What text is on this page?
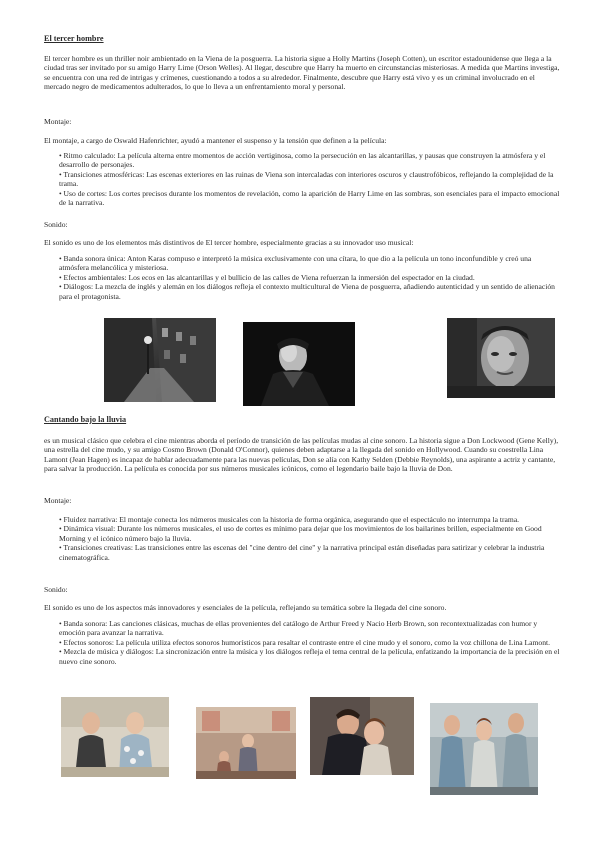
El tercer hombre

El tercer hombre es un thriller noir ambientado en la Viena de la posguerra. La historia sigue a Holly Martins (Joseph Cotten), un escritor estadounidense que llega a la ciudad tras ser invitado por su amigo Harry Lime (Orson Welles). Al llegar, descubre que Harry ha muerto en circunstancias misteriosas. A medida que Martins investiga, se encuentra con una red de intrigas y crímenes, cuestionando a todos a su alrededor. Finalmente, descubre que Harry está vivo y es un criminal involucrado en el mercado negro de medicamentos adulterados, lo que lo lleva a un enfrentamiento moral y personal.

Montaje:

El montaje, a cargo de Oswald Hafenrichter, ayudó a mantener el suspenso y la tensión que definen a la película:

• Ritmo calculado: La película alterna entre momentos de acción vertiginosa, como la persecución en las alcantarillas, y pausas que construyen la atmósfera y el desarrollo de personajes.

• Transiciones atmosféricas: Las escenas exteriores en las ruinas de Viena son intercaladas con interiores oscuros y claustrofóbicos, reflejando la complejidad de la trama.

• Uso de cortes: Los cortes precisos durante los momentos de revelación, como la aparición de Harry Lime en las sombras, son esenciales para el impacto emocional de la narrativa.

Sonido:

El sonido es uno de los elementos más distintivos de El tercer hombre, especialmente gracias a su innovador uso musical:

• Banda sonora única: Anton Karas compuso e interpretó la música exclusivamente con una cítara, lo que dio a la película un tono inconfundible y creó una atmósfera melancólica y misteriosa.

• Efectos ambientales: Los ecos en las alcantarillas y el bullicio de las calles de Viena refuerzan la inmersión del espectador en la ciudad.

• Diálogos: La mezcla de inglés y alemán en los diálogos refleja el contexto multicultural de Viena de posguerra, añadiendo autenticidad y un sentido de alienación para el protagonista.

Cantando bajo la lluvia

es un musical clásico que celebra el cine mientras aborda el período de transición de las películas mudas al cine sonoro. La historia sigue a Don Lockwood (Gene Kelly), una estrella del cine mudo, y su amigo Cosmo Brown (Donald O'Connor), quienes deben adaptarse a la llegada del sonido en Hollywood. Cuando su coestrella Lina Lamont (Jean Hagen) es incapaz de hablar adecuadamente para las nuevas películas, Don se alía con Kathy Selden (Debbie Reynolds), una aspirante a actriz y cantante, para salvar la producción. La película es conocida por sus números musicales icónicos, como el legendario baile bajo la lluvia de Don.

Montaje:

• Fluidez narrativa: El montaje conecta los números musicales con la historia de forma orgánica, asegurando que el espectáculo no interrumpa la trama.

• Dinámica visual: Durante los números musicales, el uso de cortes es mínimo para dejar que los movimientos de los bailarines brillen, especialmente en Good Morning y el icónico número bajo la lluvia.

• Transiciones creativas: Las transiciones entre las escenas del "cine dentro del cine" y la narrativa principal están diseñadas para satirizar y celebrar la industria cinematográfica.

Sonido:

El sonido es uno de los aspectos más innovadores y esenciales de la película, reflejando su temática sobre la llegada del cine sonoro.

• Banda sonora: Las canciones clásicas, muchas de ellas provenientes del catálogo de Arthur Freed y Nacio Herb Brown, son recontextualizadas con humor y emoción para avanzar la narrativa.

• Efectos sonoros: La película utiliza efectos sonoros humorísticos para resaltar el contraste entre el cine mudo y el sonoro, como la voz chillona de Lina Lamont.

• Mezcla de música y diálogos: La sincronización entre la música y los diálogos refleja el tema central de la película, enfatizando la importancia de la precisión en el nuevo cine sonoro.
